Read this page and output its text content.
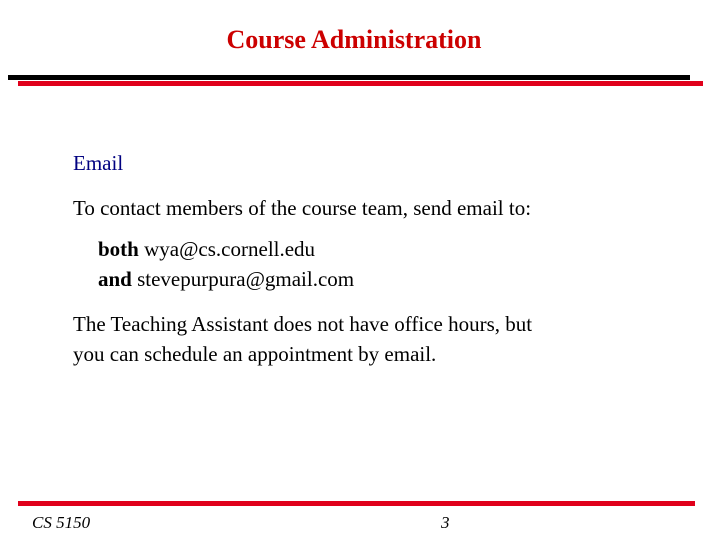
Course Administration
Email
To contact members of the course team, send email to:
both wya@cs.cornell.edu
and stevepurpura@gmail.com
The Teaching Assistant does not have office hours, but
you can schedule an appointment by email.
CS 5150	3
